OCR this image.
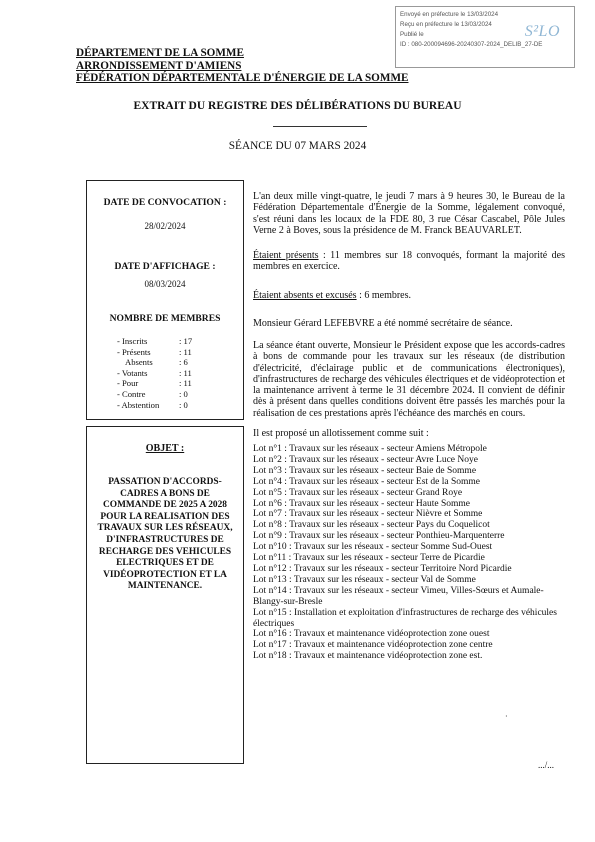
Envoyé en préfecture le 13/03/2024
Reçu en préfecture le 13/03/2024
Publié le
ID : 080-200094696-20240307-2024_DELIB_27-DE
S²LO
DÉPARTEMENT DE LA SOMME
ARRONDISSEMENT D'AMIENS
FÉDÉRATION DÉPARTEMENTALE D'ÉNERGIE DE LA SOMME
EXTRAIT DU REGISTRE DES DÉLIBÉRATIONS DU BUREAU
SÉANCE DU 07 MARS 2024
DATE DE CONVOCATION :
28/02/2024
DATE D'AFFICHAGE :
08/03/2024
NOMBRE DE MEMBRES
- Inscrits	: 17
- Présents	: 11
Absents	: 6
- Votants	: 11
- Pour	: 11
- Contre	: 0
- Abstention	: 0
OBJET :
PASSATION D'ACCORDS-CADRES A BONS DE COMMANDE DE 2025 A 2028 POUR LA REALISATION DES TRAVAUX SUR LES RÉSEAUX, D'INFRASTRUCTURES DE RECHARGE DES VEHICULES ELECTRIQUES ET DE VIDÉOPROTECTION ET LA MAINTENANCE.
L'an deux mille vingt-quatre, le jeudi 7 mars à 9 heures 30, le Bureau de la Fédération Départementale d'Énergie de la Somme, légalement convoqué, s'est réuni dans les locaux de la FDE 80, 3 rue César Cascabel, Pôle Jules Verne 2 à Boves, sous la présidence de M. Franck BEAUVARLET.
Étaient présents : 11 membres sur 18 convoqués, formant la majorité des membres en exercice.
Étaient absents et excusés : 6 membres.
Monsieur Gérard LEFEBVRE a été nommé secrétaire de séance.
La séance étant ouverte, Monsieur le Président expose que les accords-cadres à bons de commande pour les travaux sur les réseaux (de distribution d'électricité, d'éclairage public et de communications électroniques), d'infrastructures de recharge des véhicules électriques et de vidéoprotection et la maintenance arrivent à terme le 31 décembre 2024. Il convient de définir dès à présent dans quelles conditions doivent être passés les marchés pour la réalisation de ces prestations après l'échéance des marchés en cours.
Il est proposé un allotissement comme suit :
Lot n°1 : Travaux sur les réseaux - secteur Amiens Métropole
Lot n°2 : Travaux sur les réseaux - secteur Avre Luce Noye
Lot n°3 : Travaux sur les réseaux - secteur Baie de Somme
Lot n°4 : Travaux sur les réseaux - secteur Est de la Somme
Lot n°5 : Travaux sur les réseaux - secteur Grand Roye
Lot n°6 : Travaux sur les réseaux - secteur Haute Somme
Lot n°7 : Travaux sur les réseaux - secteur Nièvre et Somme
Lot n°8 : Travaux sur les réseaux - secteur Pays du Coquelicot
Lot n°9 : Travaux sur les réseaux - secteur Ponthieu-Marquenterre
Lot n°10 : Travaux sur les réseaux - secteur Somme Sud-Ouest
Lot n°11 : Travaux sur les réseaux - secteur Terre de Picardie
Lot n°12 : Travaux sur les réseaux - secteur Territoire Nord Picardie
Lot n°13 : Travaux sur les réseaux - secteur Val de Somme
Lot n°14 : Travaux sur les réseaux - secteur Vimeu, Villes-Sœurs et Aumale-Blangy-sur-Bresle
Lot n°15 : Installation et exploitation d'infrastructures de recharge des véhicules électriques
Lot n°16 : Travaux et maintenance vidéoprotection zone ouest
Lot n°17 : Travaux et maintenance vidéoprotection zone centre
Lot n°18 : Travaux et maintenance vidéoprotection zone est.
·
.../...
